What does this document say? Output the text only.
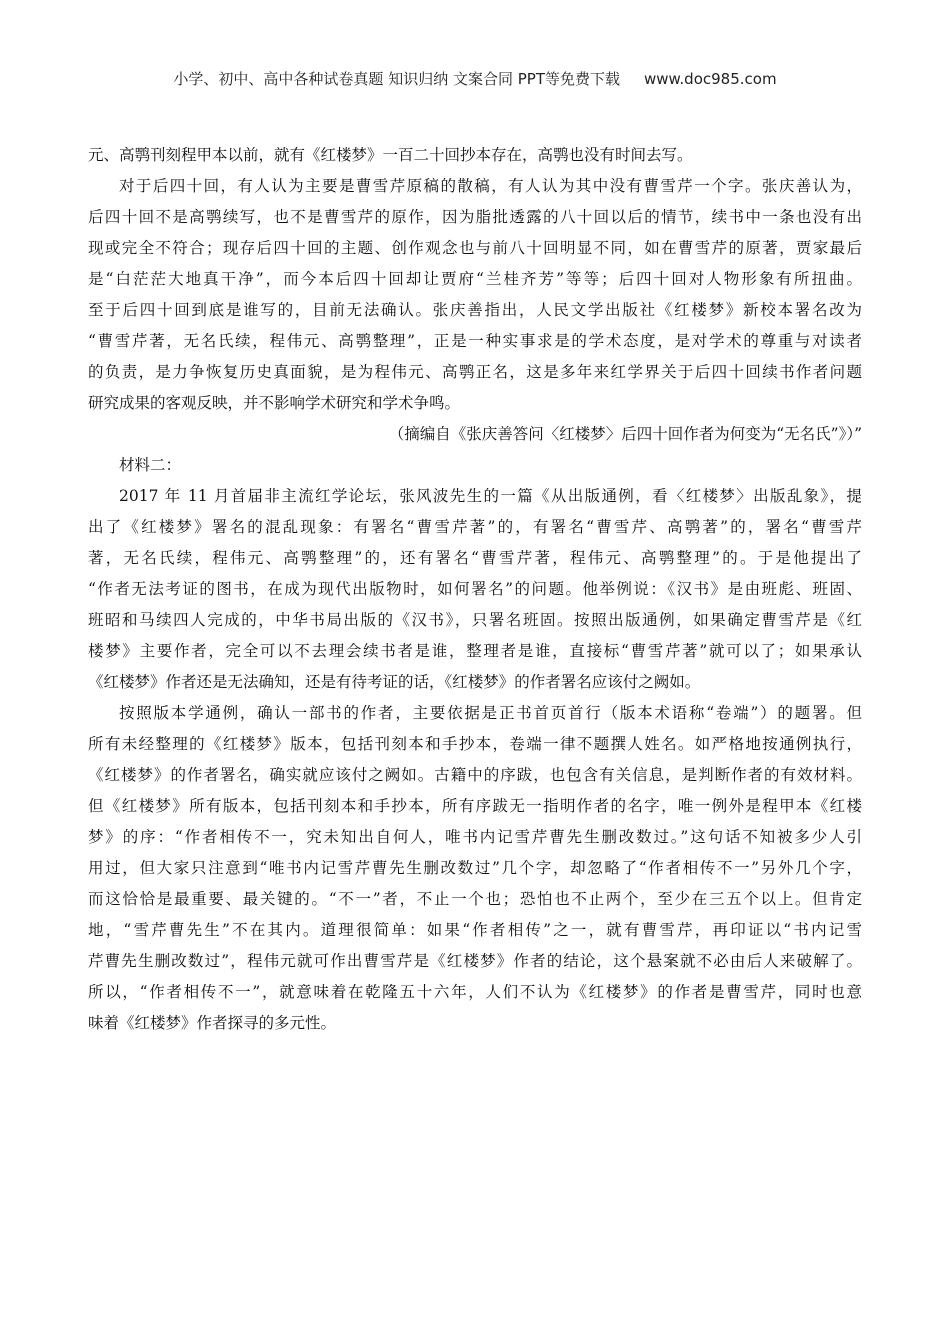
小学、初中、高中各种试卷真题 知识归纳 文案合同 PPT等免费下载 www.doc985.com
元、高鹗刊刻程甲本以前，就有《红楼梦》一百二十回抄本存在，高鹗也没有时间去写。
对于后四十回，有人认为主要是曹雪芹原稿的散稿，有人认为其中没有曹雪芹一个字。张庆善认为，
后四十回不是高鹗续写，也不是曹雪芹的原作，因为脂批透露的八十回以后的情节，续书中一条也没有出
现或完全不符合；现存后四十回的主题、创作观念也与前八十回明显不同，如在曹雪芹的原著，贾家最后
是“白茫茫大地真干净”，而今本后四十回却让贾府“兰桂齐芳”等等；后四十回对人物形象有所扭曲。
至于后四十回到底是谁写的，目前无法确认。张庆善指出，人民文学出版社《红楼梦》新校本署名改为
“曹雪芹著，无名氏续，程伟元、高鹗整理”，正是一种实事求是的学术态度，是对学术的尊重与对读者
的负责，是力争恢复历史真面貌，是为程伟元、高鹗正名，这是多年来红学界关于后四十回续书作者问题
研究成果的客观反映，并不影响学术研究和学术争鸣。
（摘编自《张庆善答问〈红楼梦〉后四十回作者为何变为“无名氏”》）”
材料二：
2017 年 11 月首届非主流红学论坛，张风波先生的一篇《从出版通例，看〈红楼梦〉出版乱象》，提
出了《红楼梦》署名的混乱现象：有署名“曹雪芹著”的，有署名“曹雪芹、高鹗著”的，署名“曹雪芹
著，无名氏续，程伟元、高鹗整理”的，还有署名“曹雪芹著，程伟元、高鹗整理”的。于是他提出了
“作者无法考证的图书，在成为现代出版物时，如何署名”的问题。他举例说：《汉书》是由班彪、班固、
班昭和马续四人完成的，中华书局出版的《汉书》，只署名班固。按照出版通例，如果确定曹雪芹是《红
楼梦》主要作者，完全可以不去理会续书者是谁，整理者是谁，直接标“曹雪芹著”就可以了；如果承认
《红楼梦》作者还是无法确知，还是有待考证的话，《红楼梦》的作者署名应该付之阙如。
按照版本学通例，确认一部书的作者，主要依据是正书首页首行（版本术语称“卷端”）的题署。但
所有未经整理的《红楼梦》版本，包括刊刻本和手抄本，卷端一律不题撰人姓名。如严格地按通例执行，
《红楼梦》的作者署名，确实就应该付之阙如。古籍中的序跋，也包含有关信息，是判断作者的有效材料。
但《红楼梦》所有版本，包括刊刻本和手抄本，所有序跋无一指明作者的名字，唯一例外是程甲本《红楼
梦》的序：“作者相传不一，究未知出自何人，唯书内记雪芹曹先生删改数过。”这句话不知被多少人引
用过，但大家只注意到“唯书内记雪芹曹先生删改数过”几个字，却忽略了“作者相传不一”另外几个字，
而这恰恰是最重要、最关键的。“不一”者，不止一个也；恐怕也不止两个，至少在三五个以上。但肯定
地，“雪芹曹先生”不在其内。道理很简单：如果“作者相传”之一，就有曹雪芹，再印证以“书内记雪
芹曹先生删改数过”，程伟元就可作出曹雪芹是《红楼梦》作者的结论，这个悬案就不必由后人来破解了。
所以，“作者相传不一”，就意味着在乾隆五十六年，人们不认为《红楼梦》的作者是曹雪芹，同时也意
味着《红楼梦》作者探寻的多元性。
